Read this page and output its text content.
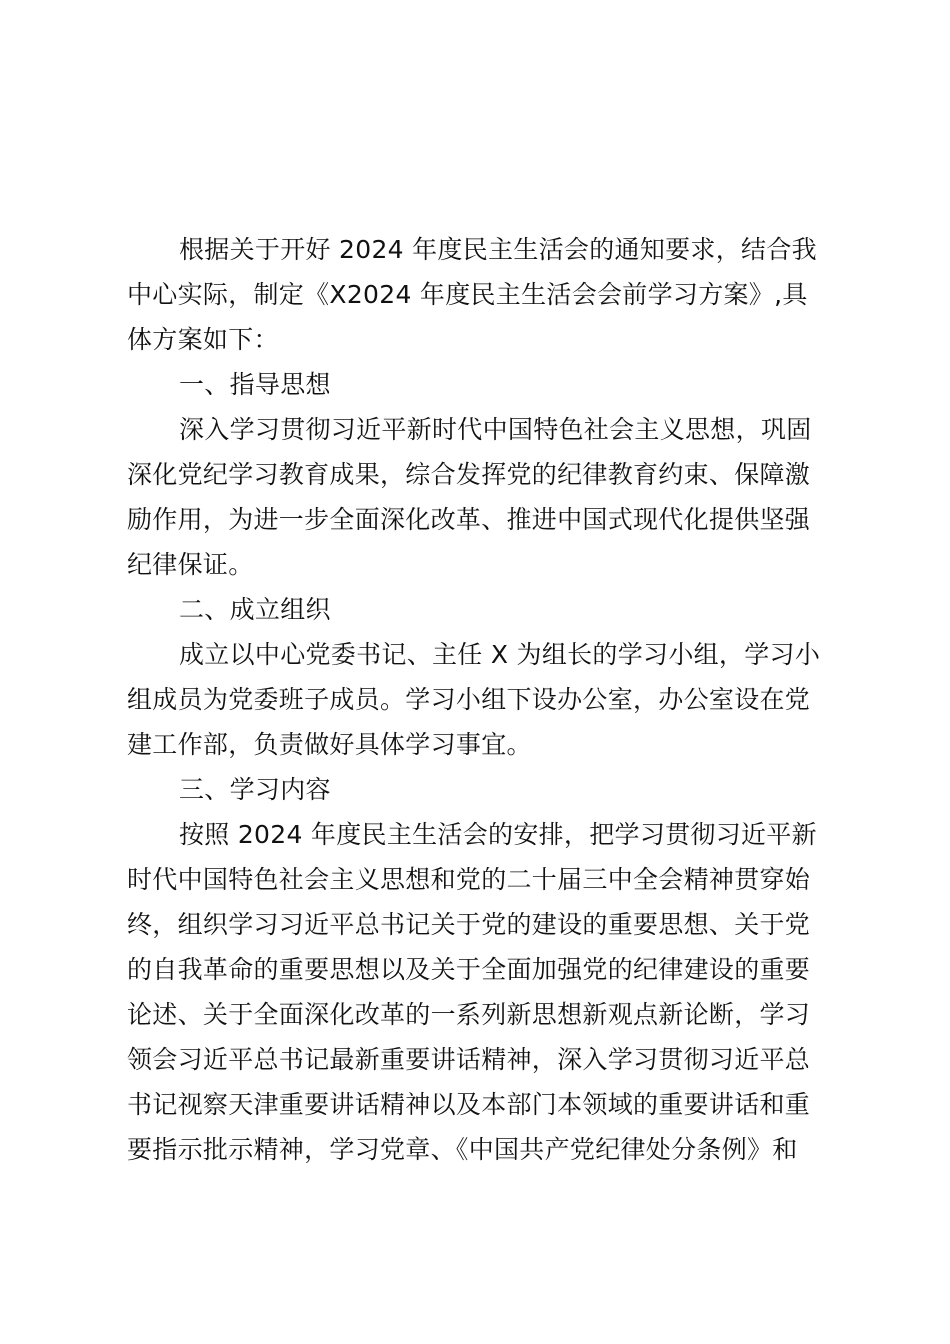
根据关于开好 2024 年度民主生活会的通知要求，结合我
中心实际，制定《X2024 年度民主生活会会前学习方案》,具
体方案如下：
一、指导思想
深入学习贯彻习近平新时代中国特色社会主义思想，巩固
深化党纪学习教育成果，综合发挥党的纪律教育约束、保障激
励作用，为进一步全面深化改革、推进中国式现代化提供坚强
纪律保证。
二、成立组织
成立以中心党委书记、主任 X 为组长的学习小组，学习小
组成员为党委班子成员。学习小组下设办公室，办公室设在党
建工作部，负责做好具体学习事宜。
三、学习内容
按照 2024 年度民主生活会的安排，把学习贯彻习近平新
时代中国特色社会主义思想和党的二十届三中全会精神贯穿始
终，组织学习习近平总书记关于党的建设的重要思想、关于党
的自我革命的重要思想以及关于全面加强党的纪律建设的重要
论述、关于全面深化改革的一系列新思想新观点新论断，学习
领会习近平总书记最新重要讲话精神，深入学习贯彻习近平总
书记视察天津重要讲话精神以及本部门本领域的重要讲话和重
要指示批示精神，学习党章、《中国共产党纪律处分条例》和
